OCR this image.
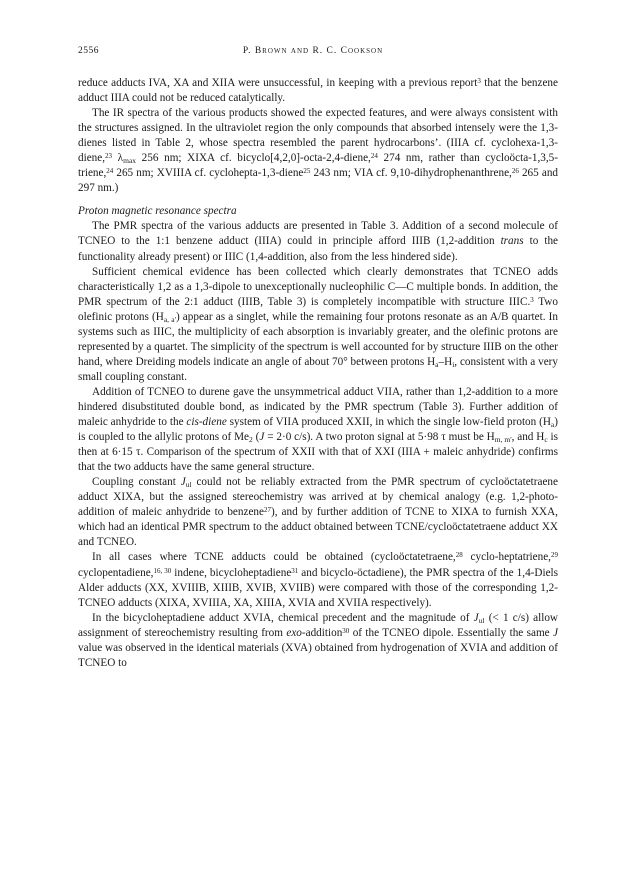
2556	P. Brown and R. C. Cookson

reduce adducts IVA, XA and XIIA were unsuccessful, in keeping with a previous report$^3$ that the benzene adduct IIIA could not be reduced catalytically.

The IR spectra of the various products showed the expected features, and were always consistent with the structures assigned. In the ultraviolet region the only compounds that absorbed intensely were the 1,3-dienes listed in Table 2, whose spectra resembled the parent hydrocarbons’. (IIIA cf. cyclohexa-1,3-diene,$^{23}$ $\lambda_{max}$ 256 nm; XIXA cf. bicyclo[4,2,0]-octa-2,4-diene,$^{24}$ 274 nm, rather than cycloöcta-1,3,5-triene,$^{24}$ 265 nm; XVIIIA cf. cyclohepta-1,3-diene$^{25}$ 243 nm; VIA cf. 9,10-dihydrophenanthrene,$^{26}$ 265 and 297 nm.)

Proton magnetic resonance spectra

The PMR spectra of the various adducts are presented in Table 3. Addition of a second molecule of TCNEO to the 1:1 benzene adduct (IIIA) could in principle afford IIIB (1,2-addition trans to the functionality already present) or IIIC (1,4-addition, also from the less hindered side).

Sufficient chemical evidence has been collected which clearly demonstrates that TCNEO adds characteristically 1,2 as a 1,3-dipole to unexceptionally nucleophilic C—C multiple bonds. In addition, the PMR spectrum of the 2:1 adduct (IIIB, Table 3) is completely incompatible with structure IIIC.$^3$ Two olefinic protons $(H_{a, a'})$ appear as a singlet, while the remaining four protons resonate as an A/B quartet. In systems such as IIIC, the multiplicity of each absorption is invariably greater, and the olefinic protons are represented by a quartet. The simplicity of the spectrum is well accounted for by structure IIIB on the other hand, where Dreiding models indicate an angle of about 70° between protons $H_a-H_i$, consistent with a very small coupling constant.

Addition of TCNEO to durene gave the unsymmetrical adduct VIIA, rather than 1,2-addition to a more hindered disubstituted double bond, as indicated by the PMR spectrum (Table 3). Further addition of maleic anhydride to the cis-diene system of VIIA produced XXII, in which the single low-field proton $(H_a)$ is coupled to the allylic protons of $Me_2$ (J = 2·0 c/s). A two proton signal at 5·98 τ must be $H_{m, m'}$, and $H_c$ is then at 6·15 τ. Comparison of the spectrum of XXII with that of XXI (IIIA + maleic anhydride) confirms that the two adducts have the same general structure.

Coupling constant $J_{ul}$ could not be reliably extracted from the PMR spectrum of cycloöctatetraene adduct XIXA, but the assigned stereochemistry was arrived at by chemical analogy (e.g. 1,2-photo-addition of maleic anhydride to benzene$^{27}$), and by further addition of TCNE to XIXA to furnish XXA, which had an identical PMR spectrum to the adduct obtained between TCNE/cycloöctatetraene adduct XX and TCNEO.

In all cases where TCNE adducts could be obtained (cycloöctatetraene,$^{28}$ cyclo-heptatriene,$^{29}$ cyclopentadiene,$^{16, 30}$ indene, bicycloheptadiene$^{31}$ and bicyclo-öctadiene), the PMR spectra of the 1,4-Diels Alder adducts (XX, XVIIIB, XIIIB, XVIB, XVIIB) were compared with those of the corresponding 1,2-TCNEO adducts (XIXA, XVIIIA, XA, XIIIA, XVIA and XVIIA respectively).

In the bicycloheptadiene adduct XVIA, chemical precedent and the magnitude of $J_{ul}$ (< 1 c/s) allow assignment of stereochemistry resulting from exo-addition$^{30}$ of the TCNEO dipole. Essentially the same J value was observed in the identical materials (XVA) obtained from hydrogenation of XVIA and addition of TCNEO to
